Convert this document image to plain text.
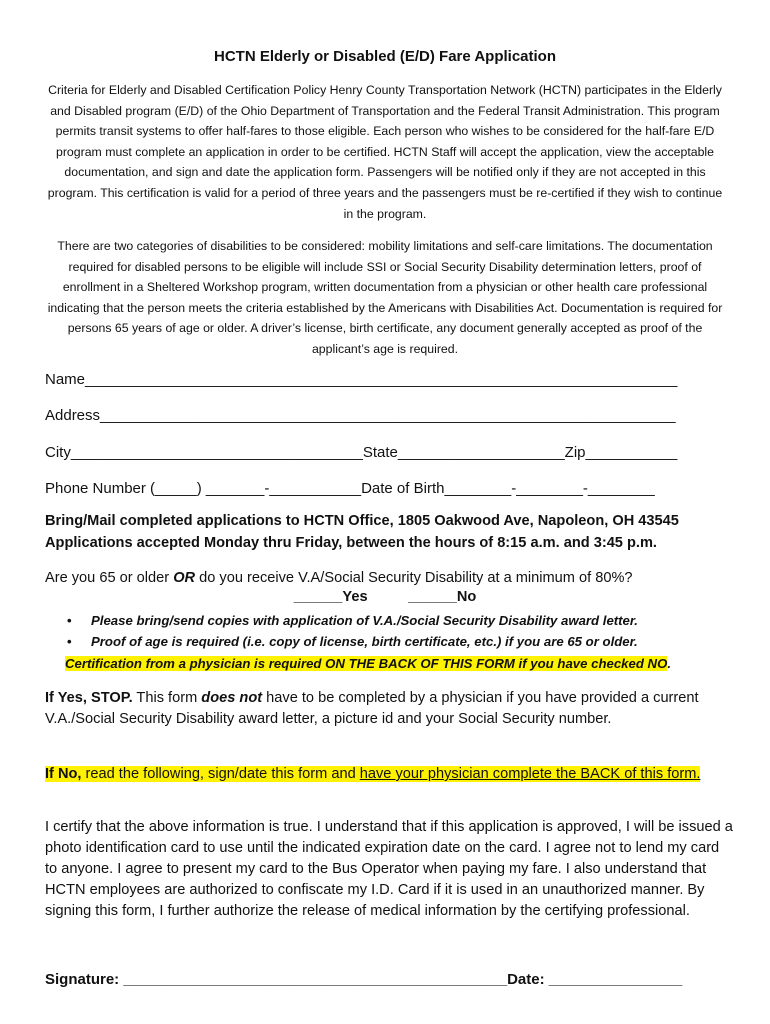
HCTN Elderly or Disabled (E/D) Fare Application
Criteria for Elderly and Disabled Certification Policy Henry County Transportation Network (HCTN) participates in the Elderly and Disabled program (E/D) of the Ohio Department of Transportation and the Federal Transit Administration. This program permits transit systems to offer half-fares to those eligible. Each person who wishes to be considered for the half-fare E/D program must complete an application in order to be certified. HCTN Staff will accept the application, view the acceptable documentation, and sign and date the application form. Passengers will be notified only if they are not accepted in this program. This certification is valid for a period of three years and the passengers must be re-certified if they wish to continue in the program.
There are two categories of disabilities to be considered: mobility limitations and self-care limitations. The documentation required for disabled persons to be eligible will include SSI or Social Security Disability determination letters, proof of enrollment in a Sheltered Workshop program, written documentation from a physician or other health care professional indicating that the person meets the criteria established by the Americans with Disabilities Act. Documentation is required for persons 65 years of age or older. A driver’s license, birth certificate, any document generally accepted as proof of the applicant’s age is required.
Name_______________________________________________________________________
Address_____________________________________________________________________
City___________________________________State____________________Zip___________
Phone Number (_____) _______-___________Date of Birth________-________-________
Bring/Mail completed applications to HCTN Office, 1805 Oakwood Ave, Napoleon, OH 43545
Applications accepted Monday thru Friday, between the hours of 8:15 a.m. and 3:45 p.m.
Are you 65 or older OR do you receive V.A/Social Security Disability at a minimum of 80%?
______Yes          ______No
• Please bring/send copies with application of V.A./Social Security Disability award letter.
• Proof of age is required (i.e. copy of license, birth certificate, etc.) if you are 65 or older.
Certification from a physician is required ON THE BACK OF THIS FORM if you have checked NO.
If Yes, STOP. This form does not have to be completed by a physician if you have provided a current V.A./Social Security Disability award letter, a picture id and your Social Security number.
If No, read the following, sign/date this form and have your physician complete the BACK of this form.
I certify that the above information is true. I understand that if this application is approved, I will be issued a photo identification card to use until the indicated expiration date on the card. I agree not to lend my card to anyone. I agree to present my card to the Bus Operator when paying my fare. I also understand that HCTN employees are authorized to confiscate my I.D. Card if it is used in an unauthorized manner. By signing this form, I further authorize the release of medical information by the certifying professional.
Signature: ______________________________________________Date: ________________
